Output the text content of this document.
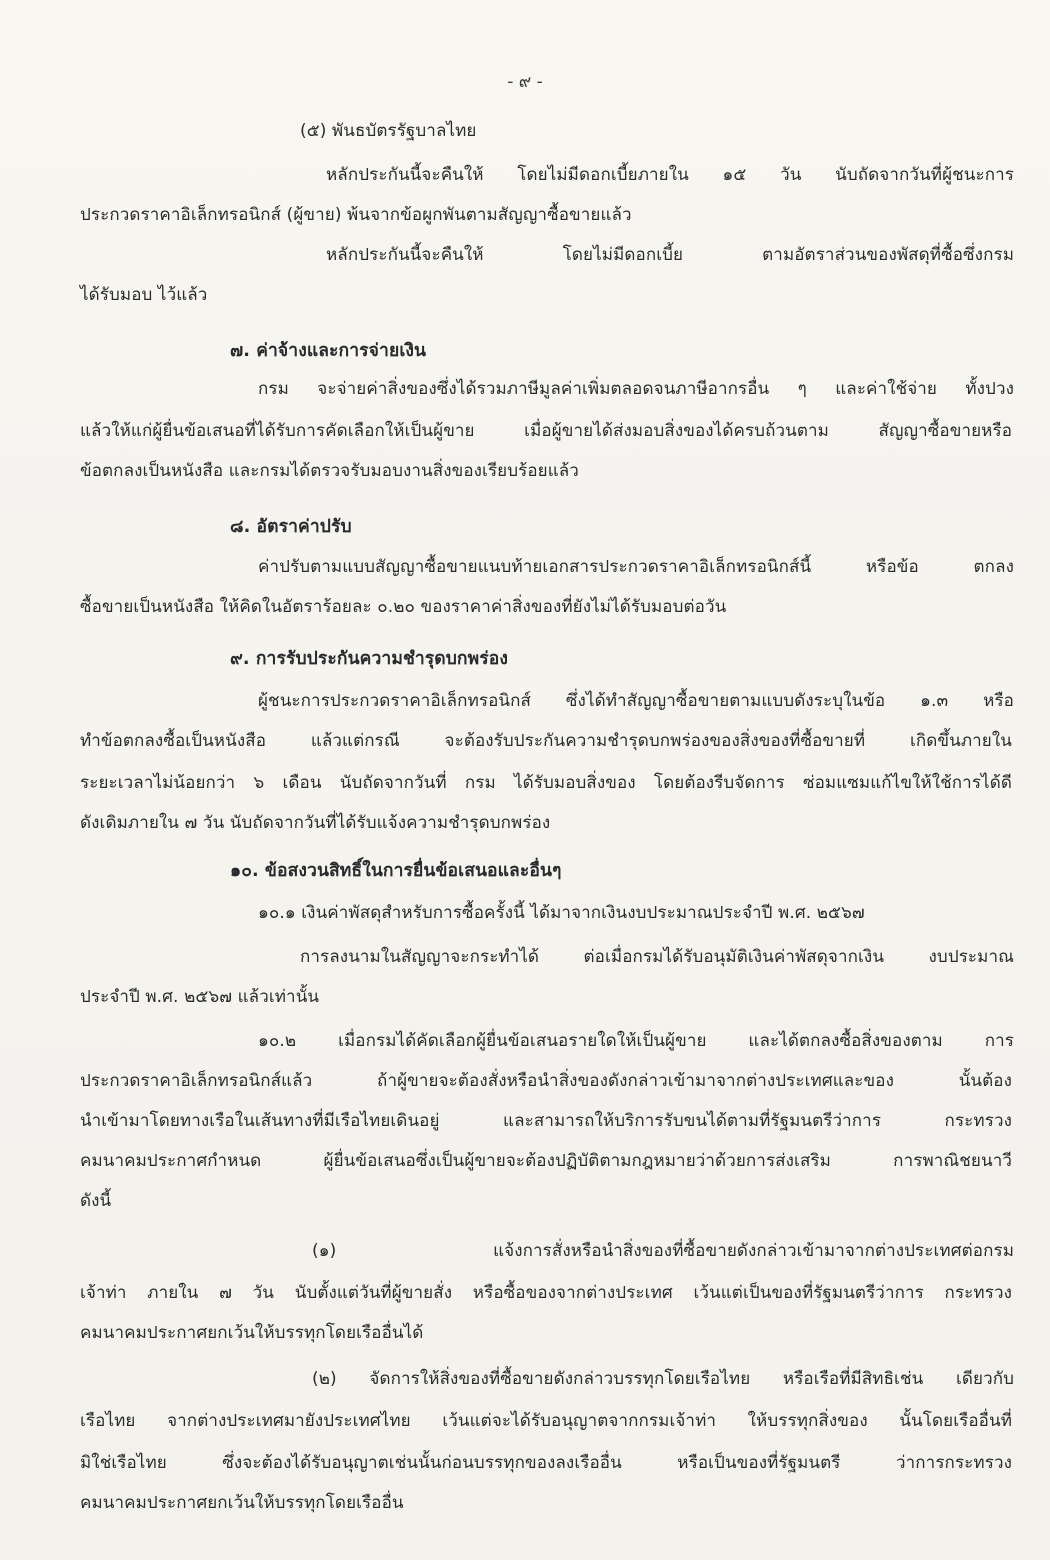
- ๙ -
(๕) พันธบัตรรัฐบาลไทย
หลักประกันนี้จะคืนให้ โดยไม่มีดอกเบี้ยภายใน ๑๕ วัน นับถัดจากวันที่ผู้ชนะการ
ประกวดราคาอิเล็กทรอนิกส์ (ผู้ขาย) พ้นจากข้อผูกพันตามสัญญาซื้อขายแล้ว
หลักประกันนี้จะคืนให้ โดยไม่มีดอกเบี้ย ตามอัตราส่วนของพัสดุที่ซื้อซึ่งกรม
ได้รับมอบ ไว้แล้ว
๗. ค่าจ้างและการจ่ายเงิน
กรม จะจ่ายค่าสิ่งของซึ่งได้รวมภาษีมูลค่าเพิ่มตลอดจนภาษีอากรอื่น ๆ และค่าใช้จ่าย ทั้งปวง
แล้วให้แก่ผู้ยื่นข้อเสนอที่ได้รับการคัดเลือกให้เป็นผู้ขาย เมื่อผู้ขายได้ส่งมอบสิ่งของได้ครบถ้วนตาม สัญญาซื้อขายหรือ
ข้อตกลงเป็นหนังสือ และกรมได้ตรวจรับมอบงานสิ่งของเรียบร้อยแล้ว
๘. อัตราค่าปรับ
ค่าปรับตามแบบสัญญาซื้อขายแนบท้ายเอกสารประกวดราคาอิเล็กทรอนิกส์นี้ หรือข้อ ตกลง
ซื้อขายเป็นหนังสือ ให้คิดในอัตราร้อยละ ๐.๒๐ ของราคาค่าสิ่งของที่ยังไม่ได้รับมอบต่อวัน
๙. การรับประกันความชำรุดบกพร่อง
ผู้ชนะการประกวดราคาอิเล็กทรอนิกส์ ซึ่งได้ทำสัญญาซื้อขายตามแบบดังระบุในข้อ ๑.๓ หรือ
ทำข้อตกลงซื้อเป็นหนังสือ แล้วแต่กรณี จะต้องรับประกันความชำรุดบกพร่องของสิ่งของที่ซื้อขายที่ เกิดขึ้นภายใน
ระยะเวลาไม่น้อยกว่า ๖ เดือน นับถัดจากวันที่ กรม ได้รับมอบสิ่งของ โดยต้องรีบจัดการ ซ่อมแซมแก้ไขให้ใช้การได้ดี
ดังเดิมภายใน ๗ วัน นับถัดจากวันที่ได้รับแจ้งความชำรุดบกพร่อง
๑๐. ข้อสงวนสิทธิ์ในการยื่นข้อเสนอและอื่นๆ
๑๐.๑ เงินค่าพัสดุสำหรับการซื้อครั้งนี้ ได้มาจากเงินงบประมาณประจำปี พ.ศ. ๒๕๖๗
การลงนามในสัญญาจะกระทำได้ ต่อเมื่อกรมได้รับอนุมัติเงินค่าพัสดุจากเงิน งบประมาณ
ประจำปี พ.ศ. ๒๕๖๗ แล้วเท่านั้น
๑๐.๒ เมื่อกรมได้คัดเลือกผู้ยื่นข้อเสนอรายใดให้เป็นผู้ขาย และได้ตกลงซื้อสิ่งของตาม การ
ประกวดราคาอิเล็กทรอนิกส์แล้ว ถ้าผู้ขายจะต้องสั่งหรือนำสิ่งของดังกล่าวเข้ามาจากต่างประเทศและของ นั้นต้อง
นำเข้ามาโดยทางเรือในเส้นทางที่มีเรือไทยเดินอยู่ และสามารถให้บริการรับขนได้ตามที่รัฐมนตรีว่าการ กระทรวง
คมนาคมประกาศกำหนด ผู้ยื่นข้อเสนอซึ่งเป็นผู้ขายจะต้องปฏิบัติตามกฎหมายว่าด้วยการส่งเสริม การพาณิชยนาวี
ดังนี้
(๑) แจ้งการสั่งหรือนำสิ่งของที่ซื้อขายดังกล่าวเข้ามาจากต่างประเทศต่อกรม
เจ้าท่า ภายใน ๗ วัน นับตั้งแต่วันที่ผู้ขายสั่ง หรือซื้อของจากต่างประเทศ เว้นแต่เป็นของที่รัฐมนตรีว่าการ กระทรวง
คมนาคมประกาศยกเว้นให้บรรทุกโดยเรืออื่นได้
(๒) จัดการให้สิ่งของที่ซื้อขายดังกล่าวบรรทุกโดยเรือไทย หรือเรือที่มีสิทธิเช่น เดียวกับ
เรือไทย จากต่างประเทศมายังประเทศไทย เว้นแต่จะได้รับอนุญาตจากกรมเจ้าท่า ให้บรรทุกสิ่งของ นั้นโดยเรืออื่นที่
มิใช่เรือไทย ซึ่งจะต้องได้รับอนุญาตเช่นนั้นก่อนบรรทุกของลงเรืออื่น หรือเป็นของที่รัฐมนตรี ว่าการกระทรวง
คมนาคมประกาศยกเว้นให้บรรทุกโดยเรืออื่น
